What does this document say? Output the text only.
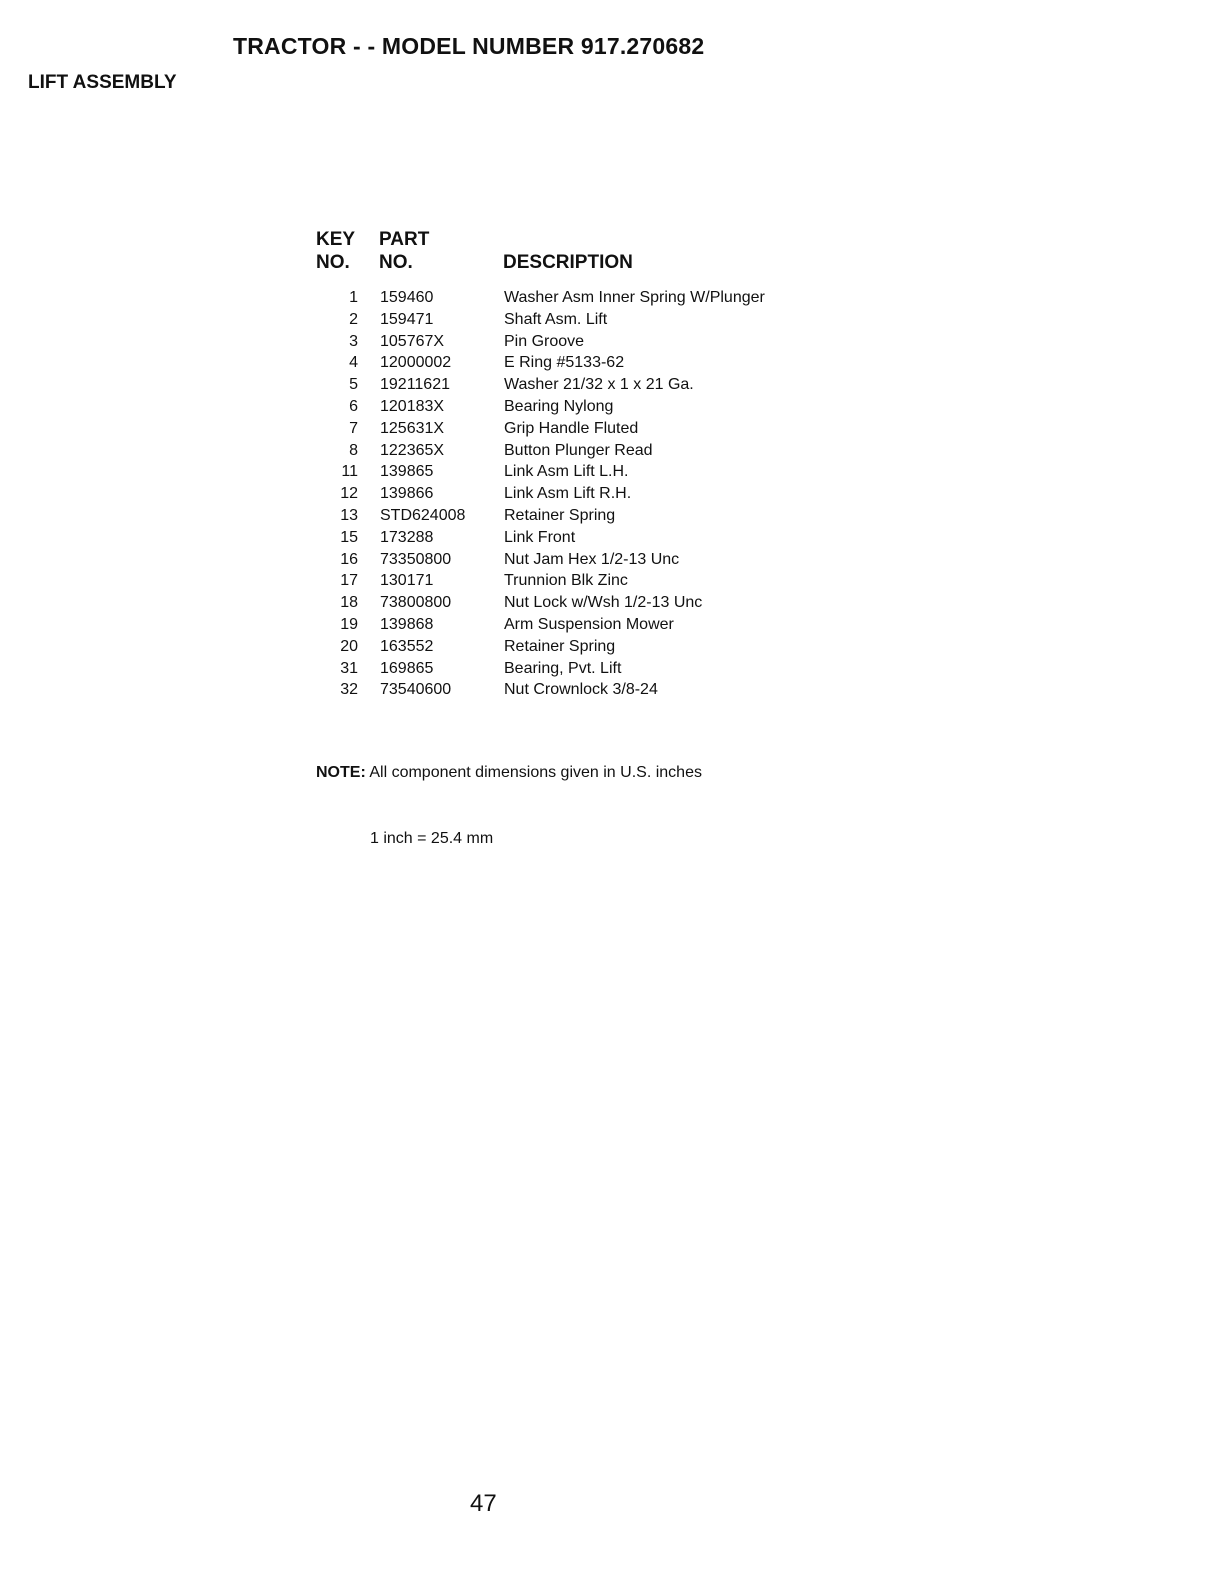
TRACTOR - - MODEL NUMBER 917.270682
LIFT ASSEMBLY
KEY
NO.
PART
NO.	DESCRIPTION
1 159460	Washer Asm Inner Spring W/Plunger
2 159471	Shaft Asm. Lift
3 105767X	Pin Groove
4 12000002	E Ring #5133-62
5 19211621	Washer 21/32 x 1 x 21 Ga.
6 120183X	Bearing Nylong
7 125631X	Grip Handle Fluted
8 122365X	Button Plunger Read
11 139865	Link Asm Lift L.H.
12 139866	Link Asm Lift R.H.
13 STD624008 Retainer Spring
15 173288	Link Front
16 73350800	Nut Jam Hex 1/2-13 Unc
17 130171	Trunnion Blk Zinc
18 73800800	Nut Lock w/Wsh 1/2-13 Unc
19 139868	Arm Suspension Mower
20 163552	Retainer Spring
31 169865	Bearing, Pvt. Lift
32 73540600	Nut Crownlock 3/8-24

NOTE: All component dimensions given in U.S. inches

1 inch = 25.4 mm

47
